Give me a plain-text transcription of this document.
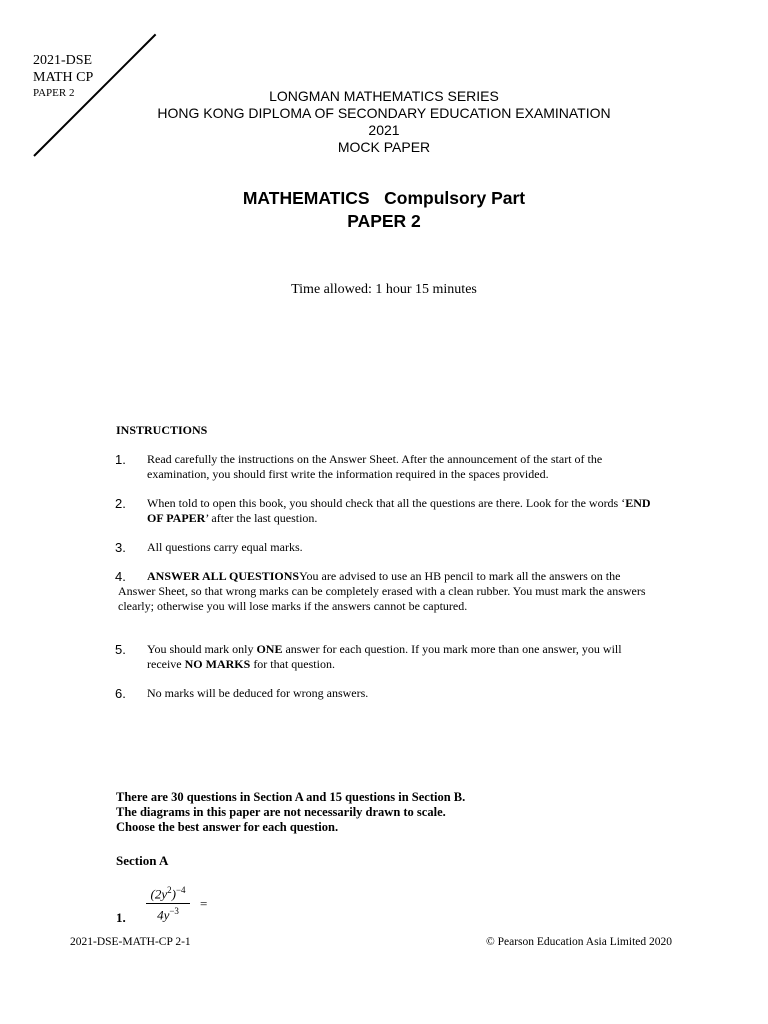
2021-DSE
MATH CP
PAPER 2	LONGMAN MATHEMATICS SERIES
HONG KONG DIPLOMA OF SECONDARY EDUCATION EXAMINATION
2021
MOCK PAPER
MATHEMATICS   Compulsory Part
PAPER 2
Time allowed: 1 hour 15 minutes
INSTRUCTIONS
1. Read carefully the instructions on the Answer Sheet. After the announcement of the start of the examination, you should first write the information required in the spaces provided.
2. When told to open this book, you should check that all the questions are there. Look for the words ‘END OF PAPER’ after the last question.
3. All questions carry equal marks.
4.	ANSWER ALL QUESTIONSYou are advised to use an HB pencil to mark all the answers on the Answer Sheet, so that wrong marks can be completely erased with a clean rubber. You must mark the answers clearly; otherwise you will lose marks if the answers cannot be captured.
5. You should mark only ONE answer for each question. If you mark more than one answer, you will receive NO MARKS for that question.
6. No marks will be deduced for wrong answers.
There are 30 questions in Section A and 15 questions in Section B.
The diagrams in this paper are not necessarily drawn to scale.
Choose the best answer for each question.
Section A
1.
$(2y^2)^{-4}$
$4y^{-3}$
=
2021-DSE-MATH-CP 2-1	© Pearson Education Asia Limited 2020
